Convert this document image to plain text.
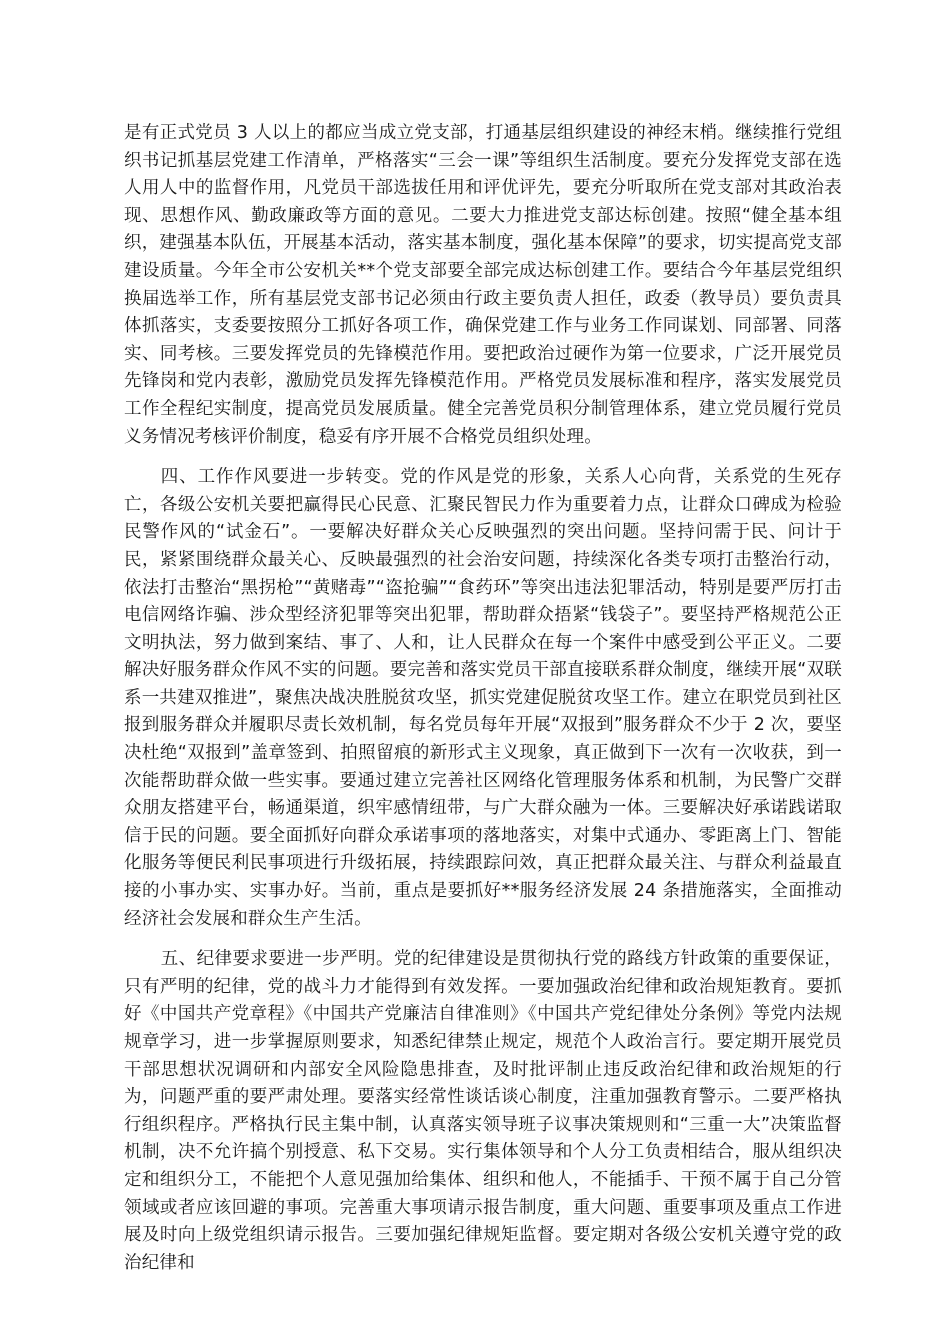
是有正式党员 3 人以上的都应当成立党支部，打通基层组织建设的神经末梢。继续推行党组织书记抓基层党建工作清单，严格落实“三会一课”等组织生活制度。要充分发挥党支部在选人用人中的监督作用，凡党员干部选拔任用和评优评先，要充分听取所在党支部对其政治表现、思想作风、勤政廉政等方面的意见。二要大力推进党支部达标创建。按照“健全基本组织，建强基本队伍，开展基本活动，落实基本制度，强化基本保障”的要求，切实提高党支部建设质量。今年全市公安机关**个党支部要全部完成达标创建工作。要结合今年基层党组织换届选举工作，所有基层党支部书记必须由行政主要负责人担任，政委（教导员）要负责具体抓落实，支委要按照分工抓好各项工作，确保党建工作与业务工作同谋划、同部署、同落实、同考核。三要发挥党员的先锋模范作用。要把政治过硬作为第一位要求，广泛开展党员先锋岗和党内表彰，激励党员发挥先锋模范作用。严格党员发展标准和程序，落实发展党员工作全程纪实制度，提高党员发展质量。健全完善党员积分制管理体系，建立党员履行党员义务情况考核评价制度，稳妥有序开展不合格党员组织处理。

四、工作作风要进一步转变。党的作风是党的形象，关系人心向背，关系党的生死存亡，各级公安机关要把赢得民心民意、汇聚民智民力作为重要着力点，让群众口碑成为检验民警作风的“试金石”。一要解决好群众关心反映强烈的突出问题。坚持问需于民、问计于民，紧紧围绕群众最关心、反映最强烈的社会治安问题，持续深化各类专项打击整治行动，依法打击整治“黑拐枪”“黄赌毒”“盗抢骗”“食药环”等突出违法犯罪活动，特别是要严厉打击电信网络诈骗、涉众型经济犯罪等突出犯罪，帮助群众捂紧“钱袋子”。要坚持严格规范公正文明执法，努力做到案结、事了、人和，让人民群众在每一个案件中感受到公平正义。二要解决好服务群众作风不实的问题。要完善和落实党员干部直接联系群众制度，继续开展“双联系一共建双推进”，聚焦决战决胜脱贫攻坚，抓实党建促脱贫攻坚工作。建立在职党员到社区报到服务群众并履职尽责长效机制，每名党员每年开展“双报到”服务群众不少于 2 次，要坚决杜绝“双报到”盖章签到、拍照留痕的新形式主义现象，真正做到下一次有一次收获，到一次能帮助群众做一些实事。要通过建立完善社区网络化管理服务体系和机制，为民警广交群众朋友搭建平台，畅通渠道，织牢感情纽带，与广大群众融为一体。三要解决好承诺践诺取信于民的问题。要全面抓好向群众承诺事项的落地落实，对集中式通办、零距离上门、智能化服务等便民利民事项进行升级拓展，持续跟踪问效，真正把群众最关注、与群众利益最直接的小事办实、实事办好。当前，重点是要抓好**服务经济发展 24 条措施落实，全面推动经济社会发展和群众生产生活。

五、纪律要求要进一步严明。党的纪律建设是贯彻执行党的路线方针政策的重要保证，只有严明的纪律，党的战斗力才能得到有效发挥。一要加强政治纪律和政治规矩教育。要抓好《中国共产党章程》《中国共产党廉洁自律准则》《中国共产党纪律处分条例》等党内法规规章学习，进一步掌握原则要求，知悉纪律禁止规定，规范个人政治言行。要定期开展党员干部思想状况调研和内部安全风险隐患排查，及时批评制止违反政治纪律和政治规矩的行为，问题严重的要严肃处理。要落实经常性谈话谈心制度，注重加强教育警示。二要严格执行组织程序。严格执行民主集中制，认真落实领导班子议事决策规则和“三重一大”决策监督机制，决不允许搞个别授意、私下交易。实行集体领导和个人分工负责相结合，服从组织决定和组织分工，不能把个人意见强加给集体、组织和他人，不能插手、干预不属于自己分管领域或者应该回避的事项。完善重大事项请示报告制度，重大问题、重要事项及重点工作进展及时向上级党组织请示报告。三要加强纪律规矩监督。要定期对各级公安机关遵守党的政治纪律和
